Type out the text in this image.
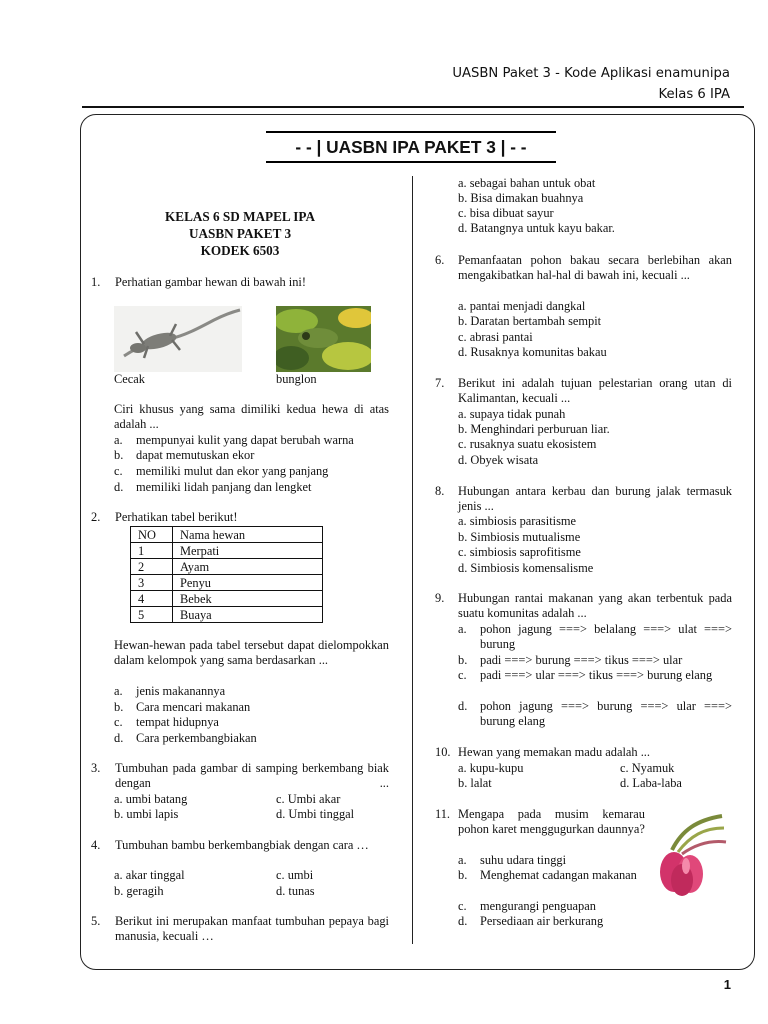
UASBN Paket 3 - Kode Aplikasi enamunipa
Kelas 6 IPA
- - | UASBN IPA PAKET 3 | - -
KELAS 6 SD MAPEL IPA
UASBN PAKET 3
KODEK 6503
1.	Perhatian gambar hewan di bawah ini!
Cecak	bunglon
Ciri khusus yang sama dimiliki kedua hewa di atas adalah ...
a.	mempunyai kulit yang dapat berubah warna
b.	dapat memutuskan ekor
c.	memiliki mulut dan ekor yang panjang
d.	memiliki lidah panjang dan lengket
2.	Perhatikan tabel berikut!
NO	Nama hewan
1	Merpati
2	Ayam
3	Penyu
4	Bebek
5	Buaya
Hewan-hewan pada tabel tersebut dapat dielompokkan dalam kelompok yang sama berdasarkan ...
a.	jenis makanannya
b.	Cara mencari makanan
c.	tempat hidupnya
d.	Cara perkembangbiakan
3.	Tumbuhan pada gambar di samping berkembang biak dengan ...
a. umbi batang	c. Umbi akar
b. umbi lapis	d. Umbi tinggal
4.	Tumbuhan bambu berkembangbiak dengan cara …
a. akar tinggal	c. umbi
b. geragih	d. tunas
5.	Berikut ini merupakan manfaat tumbuhan pepaya bagi manusia, kecuali …
a. sebagai bahan untuk obat
b. Bisa dimakan buahnya
c. bisa dibuat sayur
d. Batangnya untuk kayu bakar.
6.	Pemanfaatan pohon bakau secara berlebihan akan mengakibatkan hal-hal di bawah ini, kecuali ...
a. pantai menjadi dangkal
b. Daratan bertambah sempit
c. abrasi pantai
d. Rusaknya komunitas bakau
7.	Berikut ini adalah tujuan pelestarian orang utan di Kalimantan, kecuali ...
a. supaya tidak punah
b. Menghindari perburuan liar.
c. rusaknya suatu ekosistem
d. Obyek wisata
8.	Hubungan antara kerbau dan burung jalak termasuk jenis ...
a. simbiosis parasitisme
b. Simbiosis mutualisme
c. simbiosis saprofitisme
d. Simbiosis komensalisme
9.	Hubungan rantai makanan yang akan terbentuk pada suatu komunitas adalah ...
a.	pohon jagung ===> belalang ===> ulat ===> burung
b.	padi ===> burung ===> tikus ===> ular
c.	padi ===> ular ===> tikus ===> burung elang
d.	pohon jagung ===> burung ===> ular ===> burung elang
10. Hewan yang memakan madu adalah ...
a. kupu-kupu	c. Nyamuk
b. lalat	d. Laba-laba
11. Mengapa pada musim kemarau pohon karet menggugurkan daunnya?
a.	suhu udara tinggi
b.	Menghemat cadangan makanan
c.	mengurangi penguapan
d.	Persediaan air berkurang
1
